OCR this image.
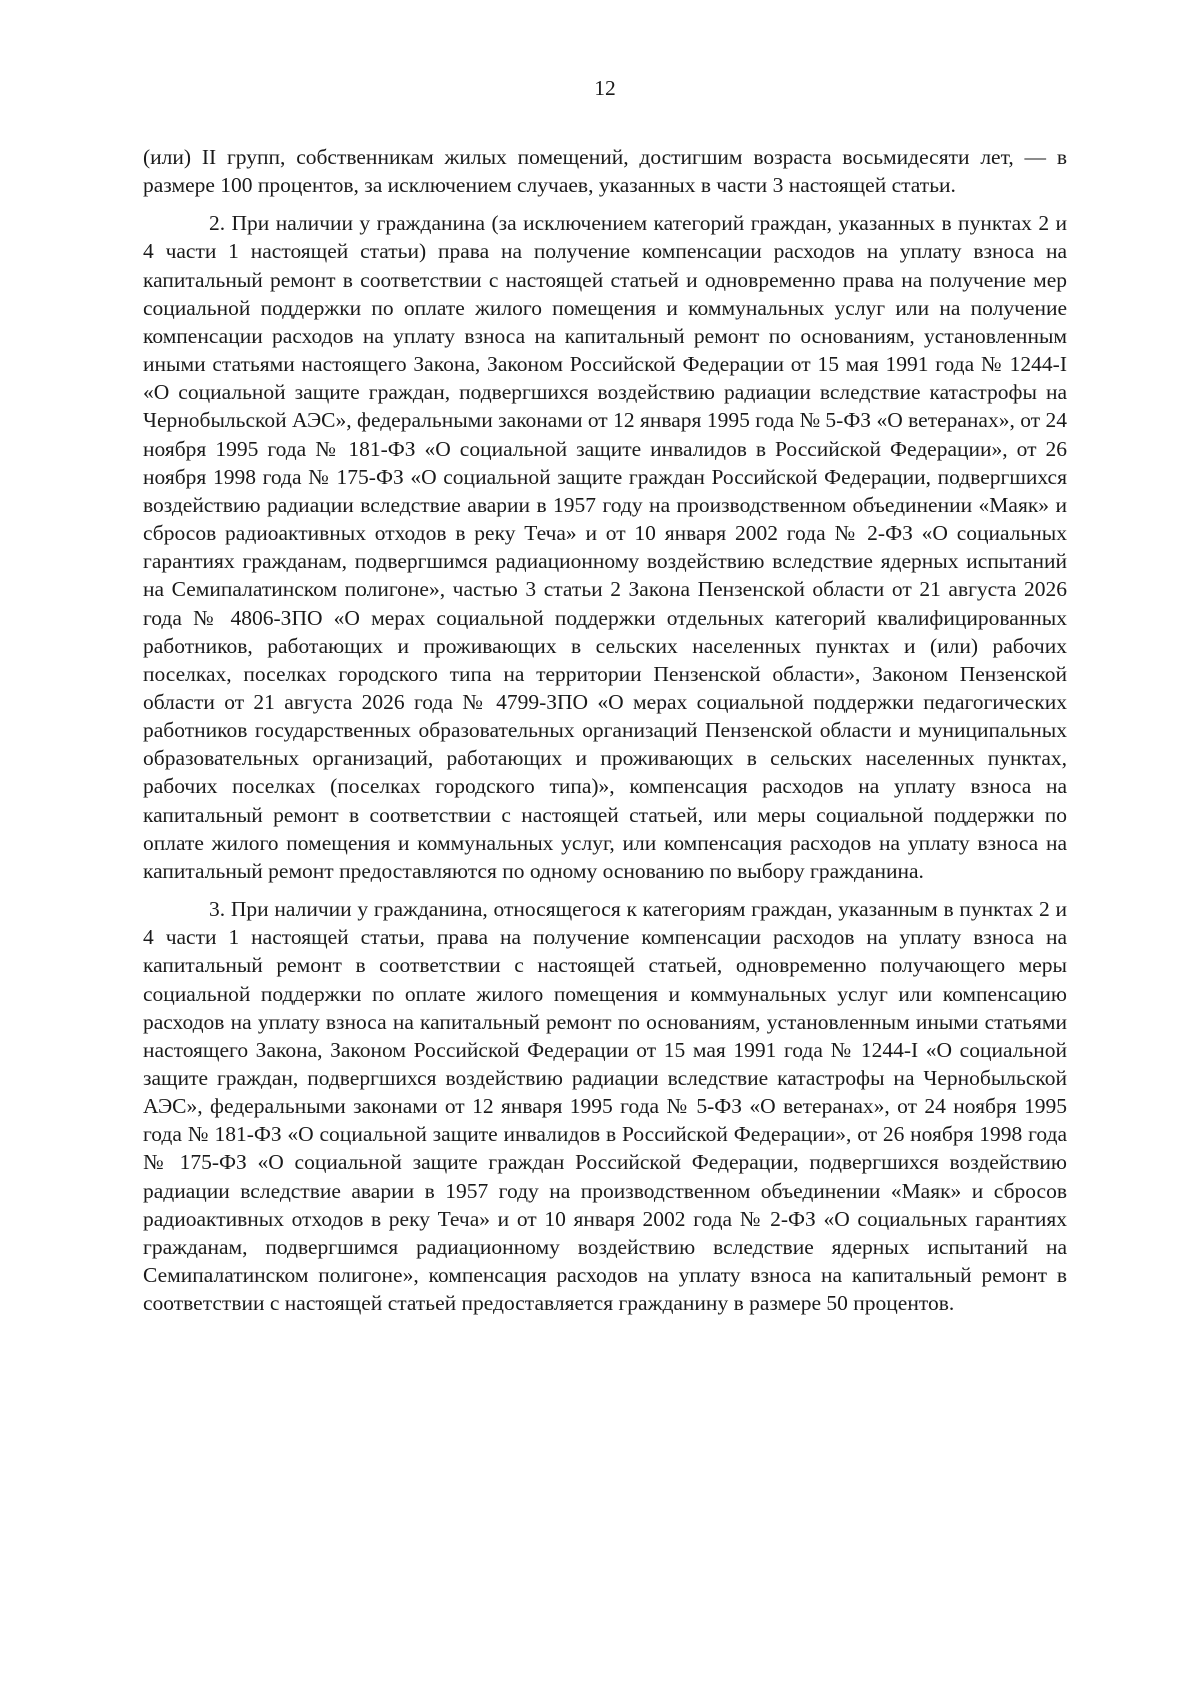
12

(или) II групп, собственникам жилых помещений, достигшим возраста восьмидесяти лет, — в размере 100 процентов, за исключением случаев, указанных в части 3 настоящей статьи.

2. При наличии у гражданина (за исключением категорий граждан, указанных в пунктах 2 и 4 части 1 настоящей статьи) права на получение компенсации расходов на уплату взноса на капитальный ремонт в соответствии с настоящей статьей и одновременно права на получение мер социальной поддержки по оплате жилого помещения и коммунальных услуг или на получение компенсации расходов на уплату взноса на капитальный ремонт по основаниям, установленным иными статьями настоящего Закона, Законом Российской Федерации от 15 мая 1991 года № 1244-I «О социальной защите граждан, подвергшихся воздействию радиации вследствие катастрофы на Чернобыльской АЭС», федеральными законами от 12 января 1995 года № 5-ФЗ «О ветеранах», от 24 ноября 1995 года № 181-ФЗ «О социальной защите инвалидов в Российской Федерации», от 26 ноября 1998 года № 175-ФЗ «О социальной защите граждан Российской Федерации, подвергшихся воздействию радиации вследствие аварии в 1957 году на производственном объединении «Маяк» и сбросов радиоактивных отходов в реку Теча» и от 10 января 2002 года № 2-ФЗ «О социальных гарантиях гражданам, подвергшимся радиационному воздействию вследствие ядерных испытаний на Семипалатинском полигоне», частью 3 статьи 2 Закона Пензенской области от 21 августа 2026 года № 4806-ЗПО «О мерах социальной поддержки отдельных категорий квалифицированных работников, работающих и проживающих в сельских населенных пунктах и (или) рабочих поселках, поселках городского типа на территории Пензенской области», Законом Пензенской области от 21 августа 2026 года № 4799-ЗПО «О мерах социальной поддержки педагогических работников государственных образовательных организаций Пензенской области и муниципальных образовательных организаций, работающих и проживающих в сельских населенных пунктах, рабочих поселках (поселках городского типа)», компенсация расходов на уплату взноса на капитальный ремонт в соответствии с настоящей статьей, или меры социальной поддержки по оплате жилого помещения и коммунальных услуг, или компенсация расходов на уплату взноса на капитальный ремонт предоставляются по одному основанию по выбору гражданина.

3. При наличии у гражданина, относящегося к категориям граждан, указанным в пунктах 2 и 4 части 1 настоящей статьи, права на получение компенсации расходов на уплату взноса на капитальный ремонт в соответствии с настоящей статьей, одновременно получающего меры социальной поддержки по оплате жилого помещения и коммунальных услуг или компенсацию расходов на уплату взноса на капитальный ремонт по основаниям, установленным иными статьями настоящего Закона, Законом Российской Федерации от 15 мая 1991 года № 1244-I «О социальной защите граждан, подвергшихся воздействию радиации вследствие катастрофы на Чернобыльской АЭС», федеральными законами от 12 января 1995 года № 5-ФЗ «О ветеранах», от 24 ноября 1995 года № 181-ФЗ «О социальной защите инвалидов в Российской Федерации», от 26 ноября 1998 года № 175-ФЗ «О социальной защите граждан Российской Федерации, подвергшихся воздействию радиации вследствие аварии в 1957 году на производственном объединении «Маяк» и сбросов радиоактивных отходов в реку Теча» и от 10 января 2002 года № 2-ФЗ «О социальных гарантиях гражданам, подвергшимся радиационному воздействию вследствие ядерных испытаний на Семипалатинском полигоне», компенсация расходов на уплату взноса на капитальный ремонт в соответствии с настоящей статьей предоставляется гражданину в размере 50 процентов.
